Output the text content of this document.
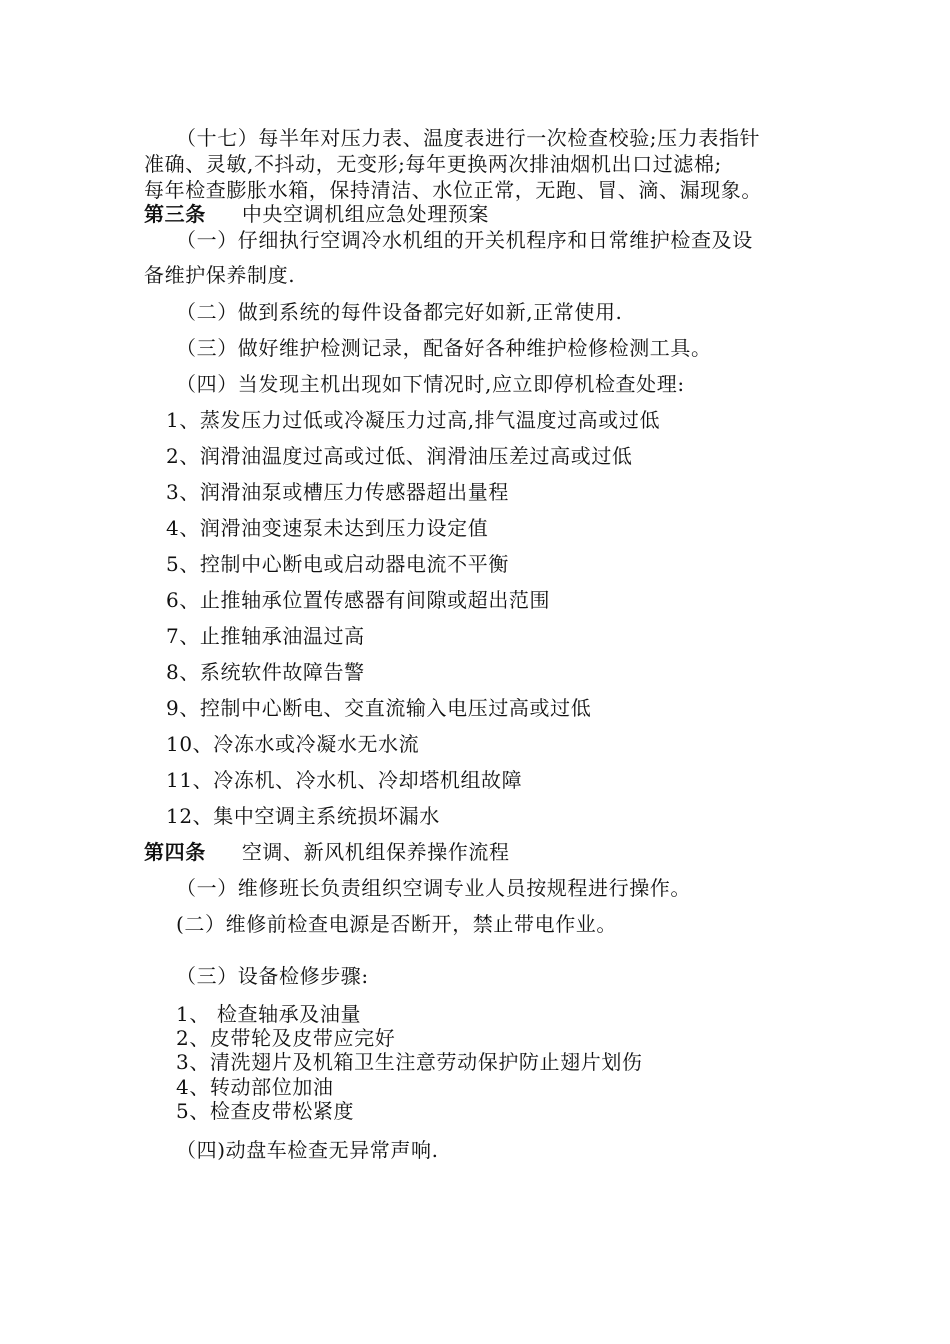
（十七）每半年对压力表、温度表进行一次检查校验;压力表指针
准确、灵敏,不抖动，无变形;每年更换两次排油烟机出口过滤棉;
每年检查膨胀水箱，保持清洁、水位正常，无跑、冒、滴、漏现象。
第三条 中央空调机组应急处理预案
（一）仔细执行空调冷水机组的开关机程序和日常维护检查及设
备维护保养制度.
（二）做到系统的每件设备都完好如新,正常使用.
（三）做好维护检测记录，配备好各种维护检修检测工具。
（四）当发现主机出现如下情况时,应立即停机检查处理:
1、蒸发压力过低或冷凝压力过高,排气温度过高或过低
2、润滑油温度过高或过低、润滑油压差过高或过低
3、润滑油泵或槽压力传感器超出量程
4、润滑油变速泵未达到压力设定值
5、控制中心断电或启动器电流不平衡
6、止推轴承位置传感器有间隙或超出范围
7、止推轴承油温过高
8、系统软件故障告警
9、控制中心断电、交直流输入电压过高或过低
10、冷冻水或冷凝水无水流
11、冷冻机、冷水机、冷却塔机组故障
12、集中空调主系统损坏漏水
第四条 空调、新风机组保养操作流程
（一）维修班长负责组织空调专业人员按规程进行操作。
(二）维修前检查电源是否断开，禁止带电作业。
（三）设备检修步骤:
1、 检查轴承及油量
2、皮带轮及皮带应完好
3、清洗翅片及机箱卫生注意劳动保护防止翅片划伤
4、转动部位加油
5、检查皮带松紧度
（四)动盘车检查无异常声响.
